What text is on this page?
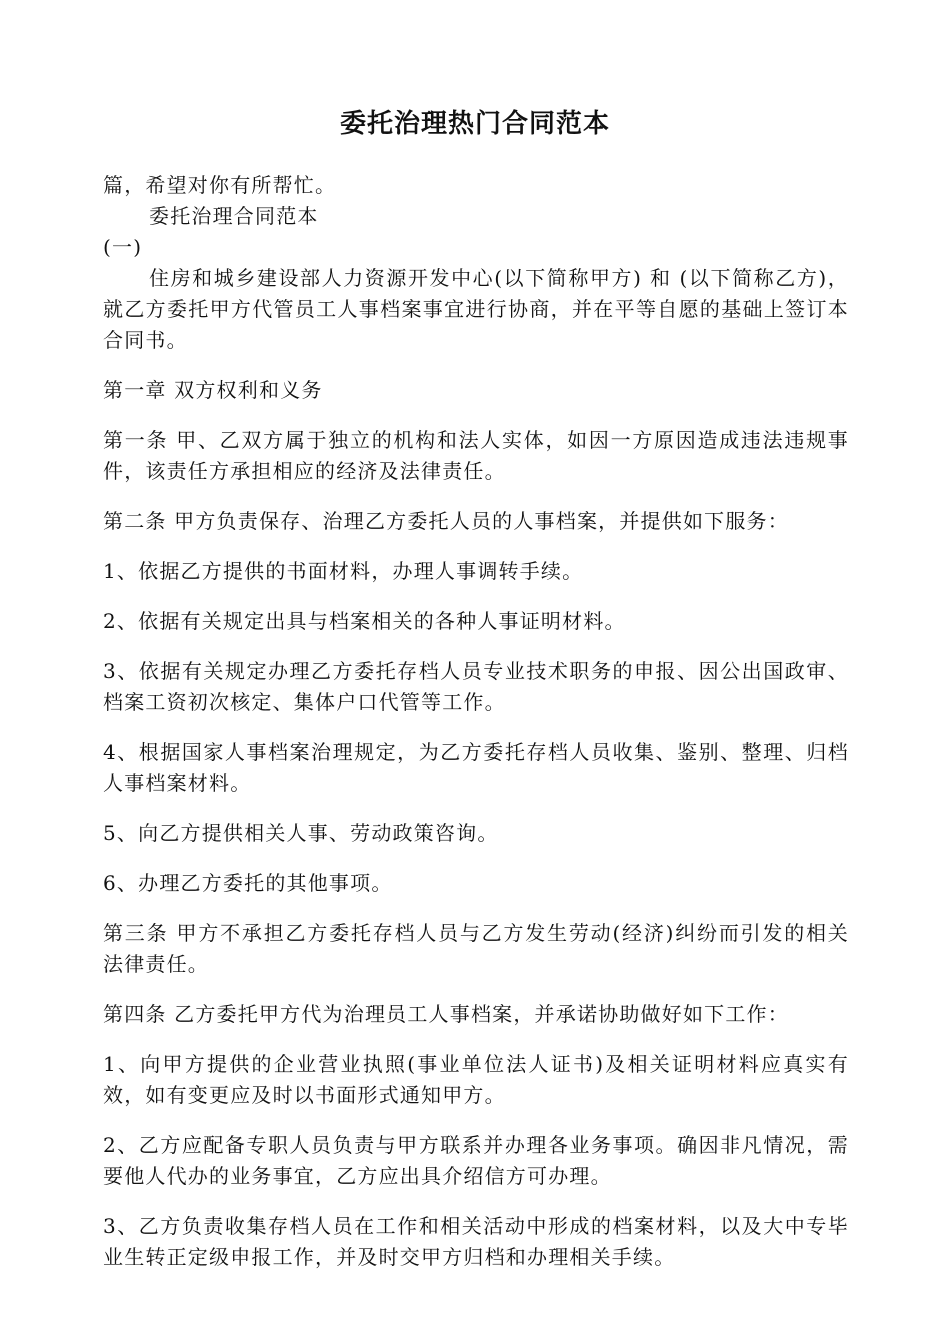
委托治理热门合同范本

篇，希望对你有所帮忙。

委托治理合同范本

(一)

住房和城乡建设部人力资源开发中心(以下简称甲方) 和 (以下简称乙方)，就乙方委托甲方代管员工人事档案事宜进行协商，并在平等自愿的基础上签订本合同书。

第一章 双方权利和义务

第一条 甲、乙双方属于独立的机构和法人实体，如因一方原因造成违法违规事件，该责任方承担相应的经济及法律责任。

第二条 甲方负责保存、治理乙方委托人员的人事档案，并提供如下服务：

1、依据乙方提供的书面材料，办理人事调转手续。

2、依据有关规定出具与档案相关的各种人事证明材料。

3、依据有关规定办理乙方委托存档人员专业技术职务的申报、因公出国政审、档案工资初次核定、集体户口代管等工作。

4、根据国家人事档案治理规定，为乙方委托存档人员收集、鉴别、整理、归档人事档案材料。

5、向乙方提供相关人事、劳动政策咨询。

6、办理乙方委托的其他事项。

第三条 甲方不承担乙方委托存档人员与乙方发生劳动(经济)纠纷而引发的相关法律责任。

第四条 乙方委托甲方代为治理员工人事档案，并承诺协助做好如下工作：

1、向甲方提供的企业营业执照(事业单位法人证书)及相关证明材料应真实有效，如有变更应及时以书面形式通知甲方。

2、乙方应配备专职人员负责与甲方联系并办理各业务事项。确因非凡情况，需要他人代办的业务事宜，乙方应出具介绍信方可办理。

3、乙方负责收集存档人员在工作和相关活动中形成的档案材料，以及大中专毕业生转正定级申报工作，并及时交甲方归档和办理相关手续。
